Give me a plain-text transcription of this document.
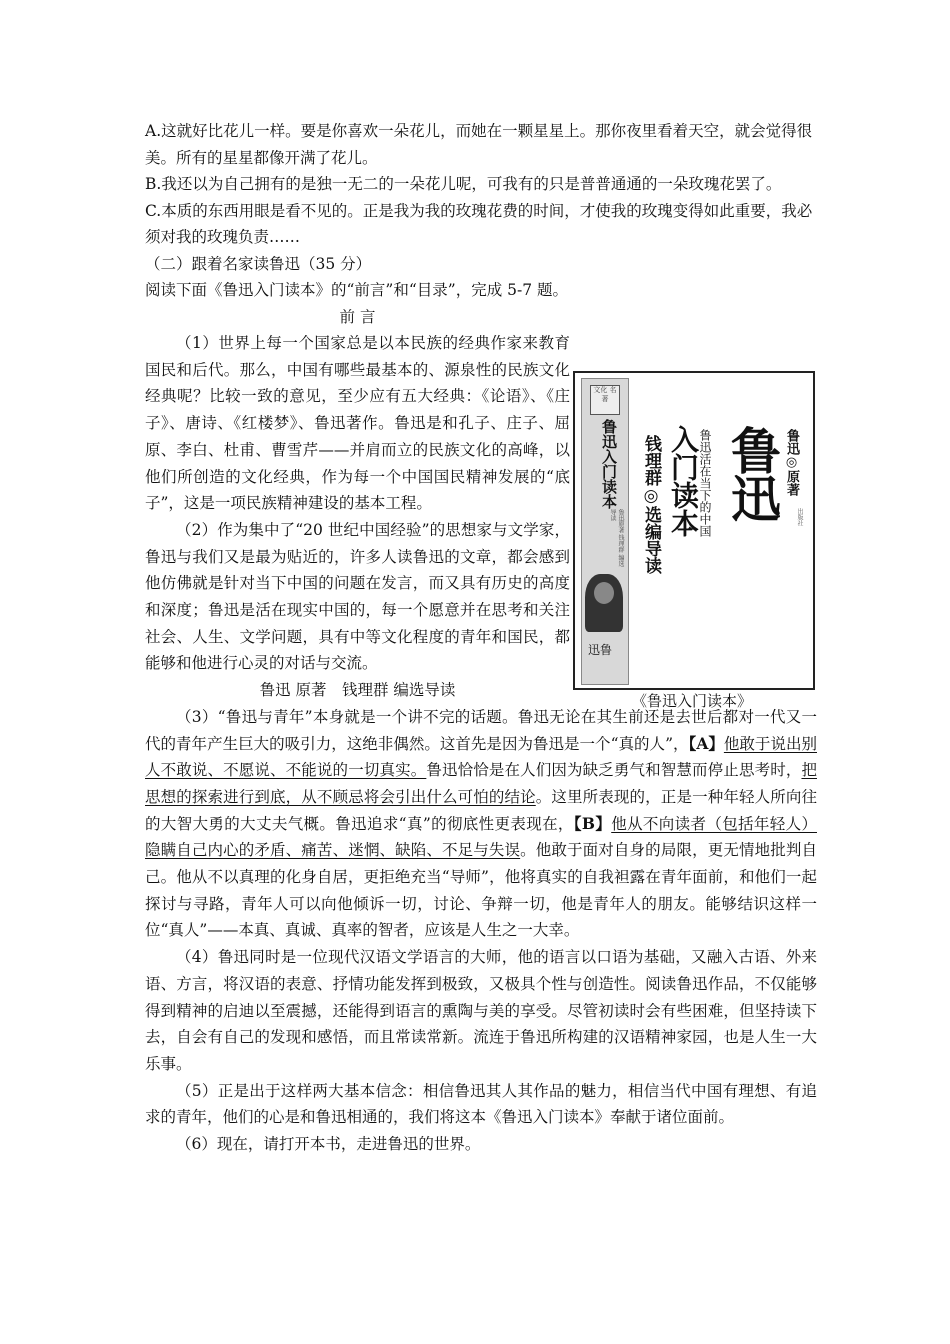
A.这就好比花儿一样。要是你喜欢一朵花儿，而她在一颗星星上。那你夜里看着天空，就会觉得很美。所有的星星都像开满了花儿。
B.我还以为自己拥有的是独一无二的一朵花儿呢，可我有的只是普普通通的一朵玫瑰花罢了。
C.本质的东西用眼是看不见的。正是我为我的玫瑰花费的时间，才使我的玫瑰变得如此重要，我必须对我的玫瑰负责……
（二）跟着名家读鲁迅（35 分）
阅读下面《鲁迅入门读本》的“前言”和“目录”，完成 5-7 题。
前 言
（1）世界上每一个国家总是以本民族的经典作家来教育国民和后代。那么，中国有哪些最基本的、源泉性的民族文化经典呢？比较一致的意见，至少应有五大经典：《论语》、《庄子》、唐诗、《红楼梦》、鲁迅著作。鲁迅是和孔子、庄子、屈原、李白、杜甫、曹雪芹——并肩而立的民族文化的高峰，以他们所创造的文化经典，作为每一个中国国民精神发展的“底子”，这是一项民族精神建设的基本工程。
（2）作为集中了“20 世纪中国经验”的思想家与文学家，鲁迅与我们又是最为贴近的，许多人读鲁迅的文章，都会感到他仿佛就是针对当下中国的问题在发言，而又具有历史的高度和深度；鲁迅是活在现实中国的，每一个愿意并在思考和关注社会、人生、文学问题，具有中等文化程度的青年和国民，都能够和他进行心灵的对话与交流。
鲁迅 原著　钱理群 编选导读
（3）“鲁迅与青年”本身就是一个讲不完的话题。鲁迅无论在其生前还是去世后都对一代又一代的青年产生巨大的吸引力，这绝非偶然。这首先是因为鲁迅是一个“真的人”，【A】他敢于说出别人不敢说、不愿说、不能说的一切真实。鲁迅恰恰是在人们因为缺乏勇气和智慧而停止思考时，把思想的探索进行到底，从不顾忌将会引出什么可怕的结论。这里所表现的，正是一种年轻人所向往的大智大勇的大丈夫气概。鲁迅追求“真”的彻底性更表现在，【B】他从不向读者（包括年轻人）隐瞒自己内心的矛盾、痛苦、迷惘、缺陷、不足与失误。他敢于面对自身的局限，更无情地批判自己。他从不以真理的化身自居，更拒绝充当“导师”，他将真实的自我袒露在青年面前，和他们一起探讨与寻路，青年人可以向他倾诉一切，讨论、争辩一切，他是青年人的朋友。能够结识这样一位“真人”——本真、真诚、真率的智者，应该是人生之一大幸。
（4）鲁迅同时是一位现代汉语文学语言的大师，他的语言以口语为基础，又融入古语、外来语、方言，将汉语的表意、抒情功能发挥到极致，又极具个性与创造性。阅读鲁迅作品，不仅能够得到精神的启迪以至震撼，还能得到语言的熏陶与美的享受。尽管初读时会有些困难，但坚持读下去，自会有自己的发现和感悟，而且常读常新。流连于鲁迅所构建的汉语精神家园，也是人生一大乐事。
（5）正是出于这样两大基本信念：相信鲁迅其人其作品的魅力，相信当代中国有理想、有追求的青年，他们的心是和鲁迅相通的，我们将这本《鲁迅入门读本》奉献于诸位面前。
（6）现在，请打开本书，走进鲁迅的世界。
文化 名著
鲁迅入门读本
鲁迅原著 钱理群 编选导读
迅鲁
鲁迅 鲁迅◎原著
入门读本
鲁迅活在当下的中国
钱理群◎选编导读	出版社
《鲁迅入门读本》
